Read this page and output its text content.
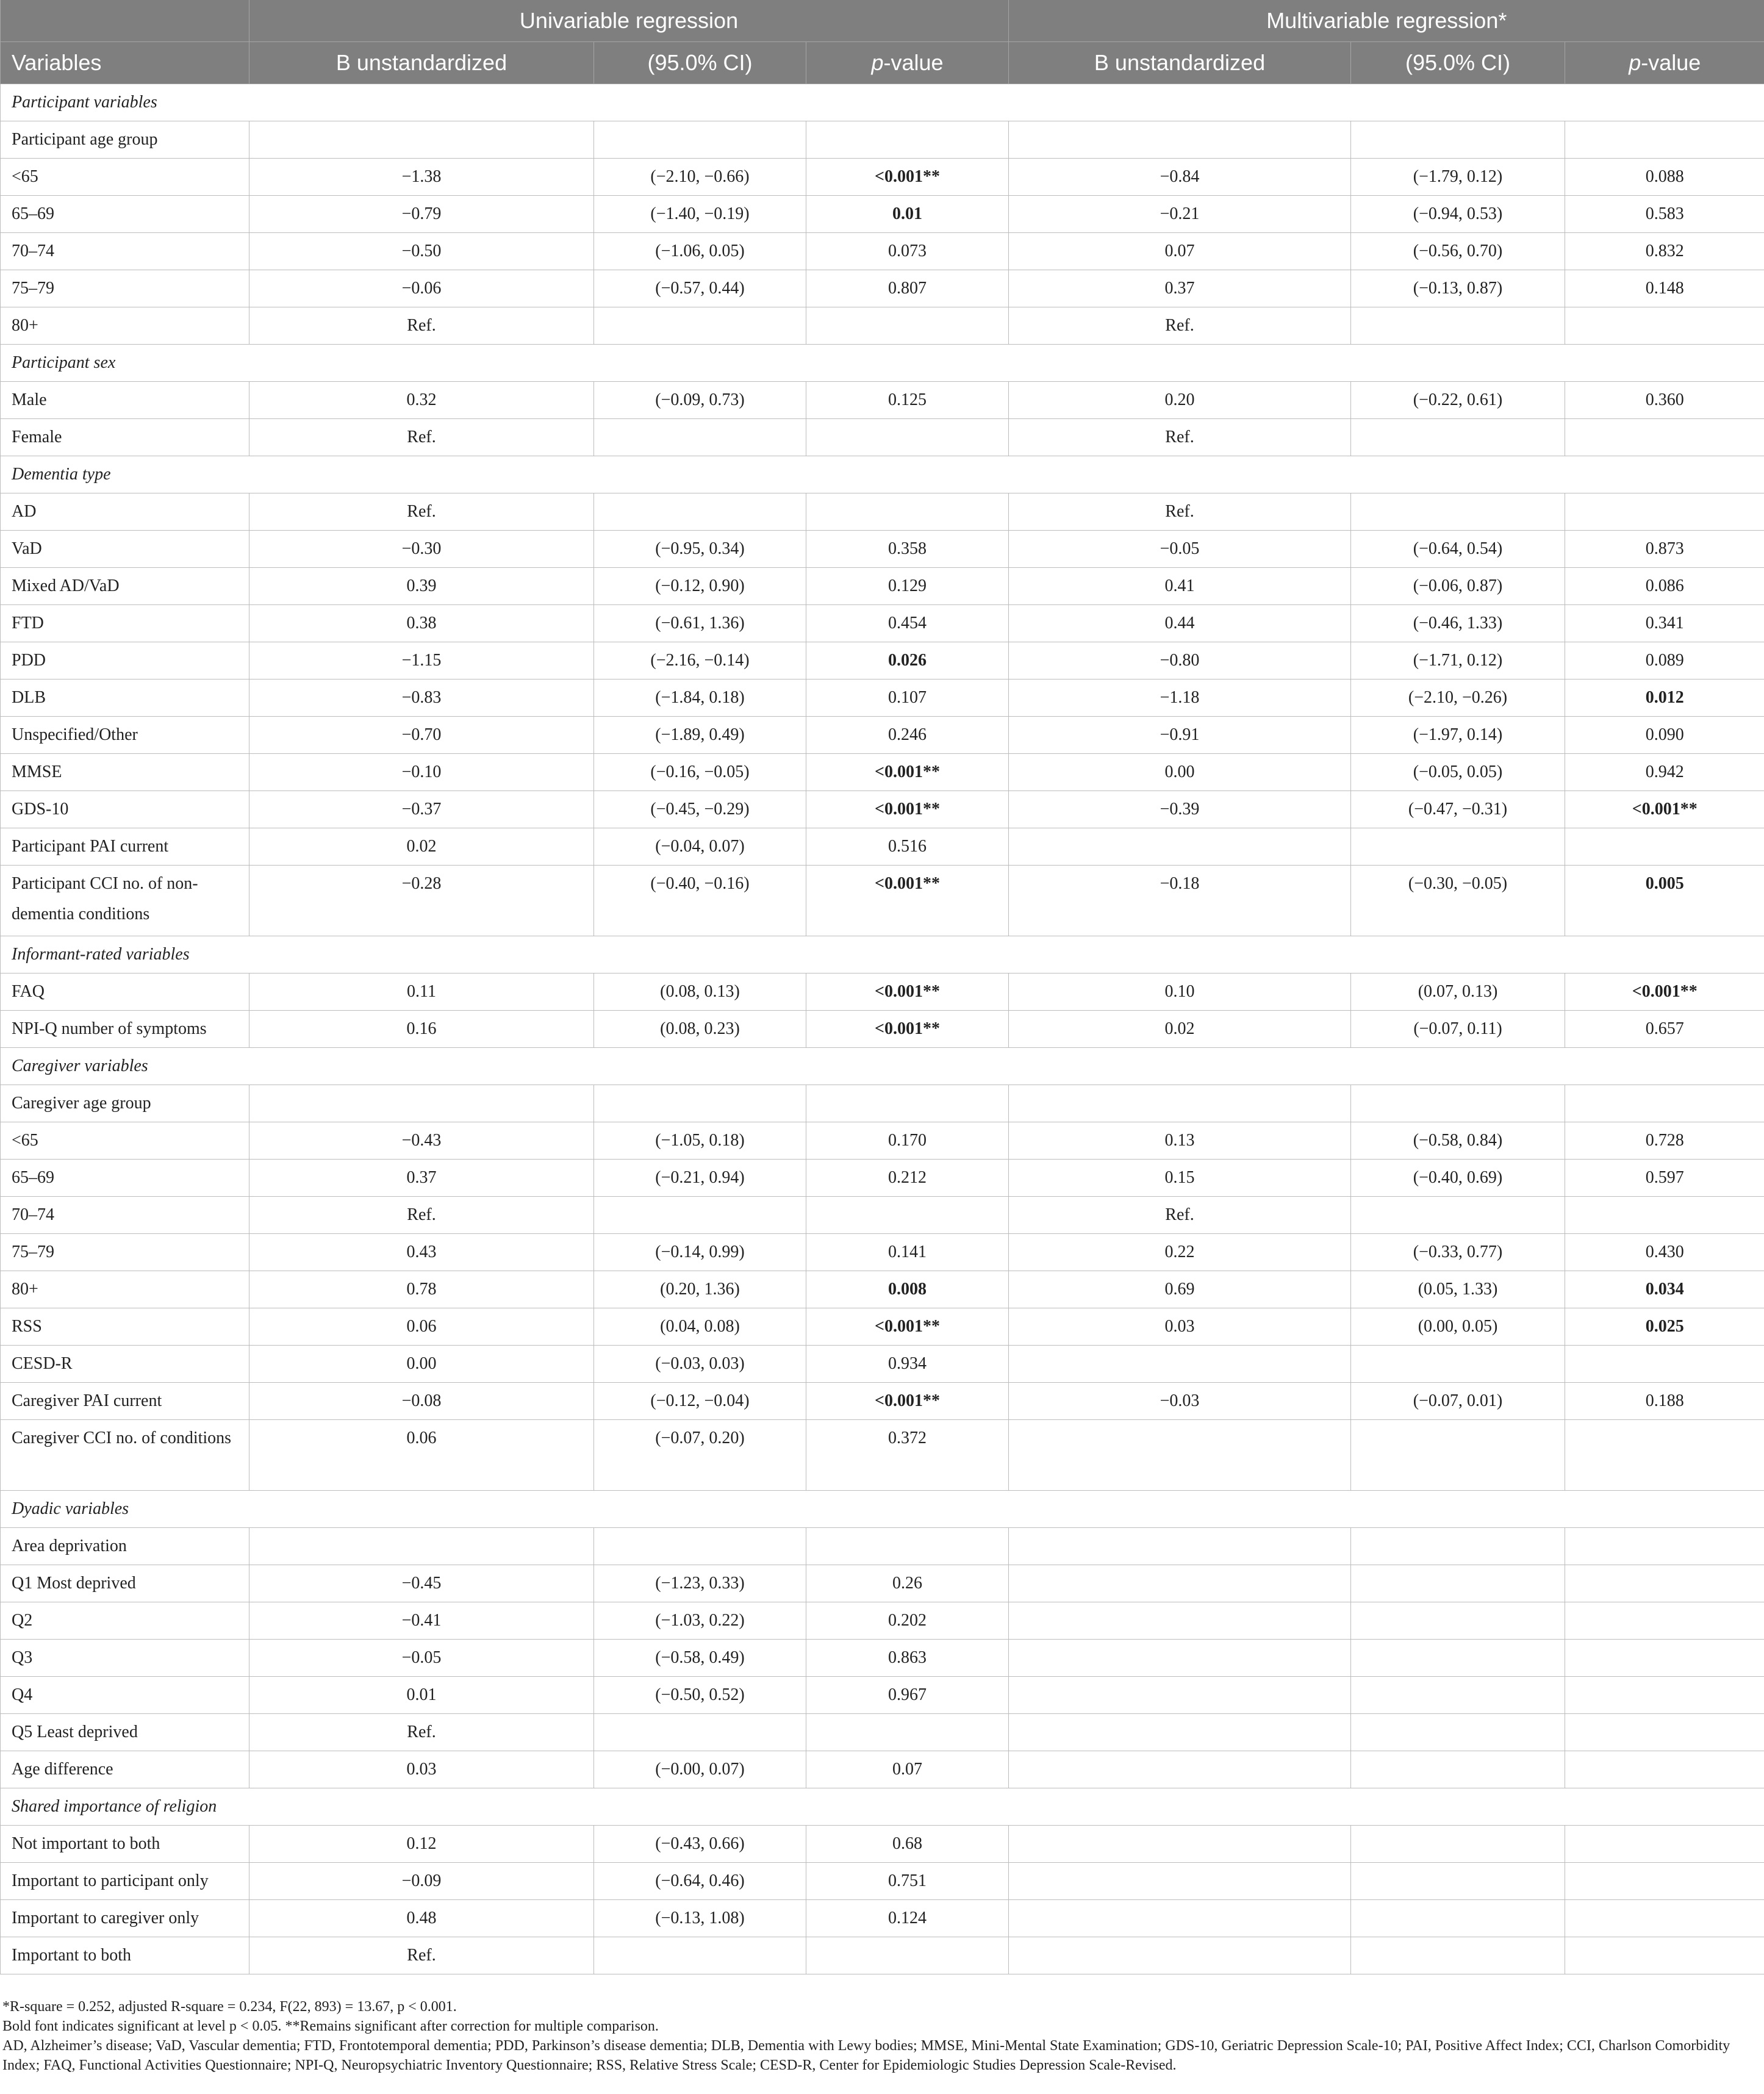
	Univariable regression			Multivariable regression*		
Variables	B unstandardized	(95.0% CI)	p-value	B unstandardized	(95.0% CI)	p-value
Participant variables						
Participant age group						
<65	−1.38	(−2.10, −0.66)	<0.001**	−0.84	(−1.79, 0.12)	0.088
65–69	−0.79	(−1.40, −0.19)	0.01	−0.21	(−0.94, 0.53)	0.583
70–74	−0.50	(−1.06, 0.05)	0.073	0.07	(−0.56, 0.70)	0.832
75–79	−0.06	(−0.57, 0.44)	0.807	0.37	(−0.13, 0.87)	0.148
80+	Ref.			Ref.		
Participant sex						
Male	0.32	(−0.09, 0.73)	0.125	0.20	(−0.22, 0.61)	0.360
Female	Ref.			Ref.		
Dementia type						
AD	Ref.			Ref.		
VaD	−0.30	(−0.95, 0.34)	0.358	−0.05	(−0.64, 0.54)	0.873
Mixed AD/VaD	0.39	(−0.12, 0.90)	0.129	0.41	(−0.06, 0.87)	0.086
FTD	0.38	(−0.61, 1.36)	0.454	0.44	(−0.46, 1.33)	0.341
PDD	−1.15	(−2.16, −0.14)	0.026	−0.80	(−1.71, 0.12)	0.089
DLB	−0.83	(−1.84, 0.18)	0.107	−1.18	(−2.10, −0.26)	0.012
Unspecified/Other	−0.70	(−1.89, 0.49)	0.246	−0.91	(−1.97, 0.14)	0.090
MMSE	−0.10	(−0.16, −0.05)	<0.001**	0.00	(−0.05, 0.05)	0.942
GDS-10	−0.37	(−0.45, −0.29)	<0.001**	−0.39	(−0.47, −0.31)	<0.001**
Participant PAI current	0.02	(−0.04, 0.07)	0.516			
Participant CCI no. of non-dementia conditions	−0.28	(−0.40, −0.16)	<0.001**	−0.18	(−0.30, −0.05)	0.005
Informant-rated variables						
FAQ	0.11	(0.08, 0.13)	<0.001**	0.10	(0.07, 0.13)	<0.001**
NPI-Q number of symptoms	0.16	(0.08, 0.23)	<0.001**	0.02	(−0.07, 0.11)	0.657
Caregiver variables						
Caregiver age group						
<65	−0.43	(−1.05, 0.18)	0.170	0.13	(−0.58, 0.84)	0.728
65–69	0.37	(−0.21, 0.94)	0.212	0.15	(−0.40, 0.69)	0.597
70–74	Ref.			Ref.		
75–79	0.43	(−0.14, 0.99)	0.141	0.22	(−0.33, 0.77)	0.430
80+	0.78	(0.20, 1.36)	0.008	0.69	(0.05, 1.33)	0.034
RSS	0.06	(0.04, 0.08)	<0.001**	0.03	(0.00, 0.05)	0.025
CESD-R	0.00	(−0.03, 0.03)	0.934			
Caregiver PAI current	−0.08	(−0.12, −0.04)	<0.001**	−0.03	(−0.07, 0.01)	0.188
Caregiver CCI no. of conditions	0.06	(−0.07, 0.20)	0.372			
Dyadic variables						
Area deprivation						
Q1 Most deprived	−0.45	(−1.23, 0.33)	0.26			
Q2	−0.41	(−1.03, 0.22)	0.202			
Q3	−0.05	(−0.58, 0.49)	0.863			
Q4	0.01	(−0.50, 0.52)	0.967			
Q5 Least deprived	Ref.					
Age difference	0.03	(−0.00, 0.07)	0.07			
Shared importance of religion						
Not important to both	0.12	(−0.43, 0.66)	0.68			
Important to participant only	−0.09	(−0.64, 0.46)	0.751			
Important to caregiver only	0.48	(−0.13, 1.08)	0.124			
Important to both	Ref.					

*R-square = 0.252, adjusted R-square = 0.234, F(22, 893) = 13.67, p < 0.001.

Bold font indicates significant at level p < 0.05. **Remains significant after correction for multiple comparison.

AD, Alzheimer’s disease; VaD, Vascular dementia; FTD, Frontotemporal dementia; PDD, Parkinson’s disease dementia; DLB, Dementia with Lewy bodies; MMSE, Mini-Mental State Examination; GDS-10, Geriatric Depression Scale-10; PAI, Positive Affect Index; CCI, Charlson Comorbidity Index; FAQ, Functional Activities Questionnaire; NPI-Q, Neuropsychiatric Inventory Questionnaire; RSS, Relative Stress Scale; CESD-R, Center for Epidemiologic Studies Depression Scale-Revised.
